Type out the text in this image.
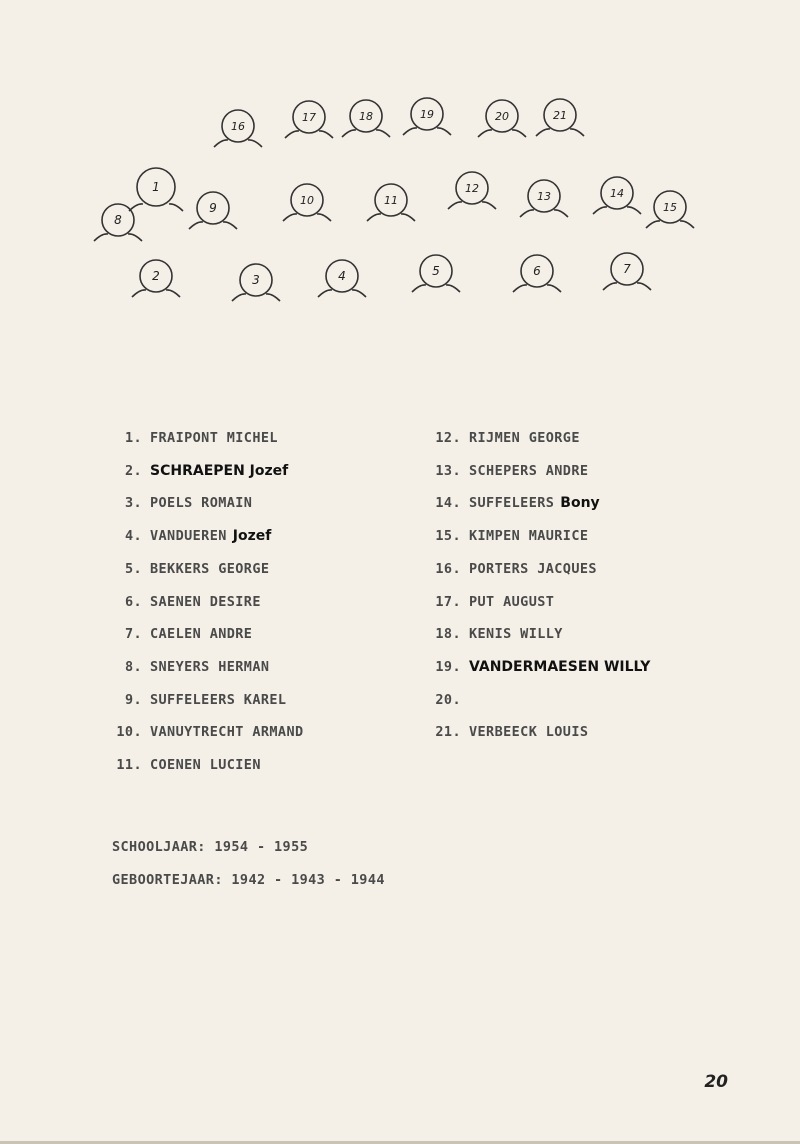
16
17	18	19	20	21
1
8
9
10	11
12
13	14
15
2	3	4	5	6	7
1. FRAIPONT MICHEL
2. SCHRAEPEN Jozef
3. POELS ROMAIN
4. VANDUEREN Jozef
5. BEKKERS GEORGE
6. SAENEN DESIRE
7. CAELEN ANDRE
8. SNEYERS HERMAN
9. SUFFELEERS KAREL
10. VANUYTRECHT ARMAND
11. COENEN LUCIEN
12. RIJMEN GEORGE
13. SCHEPERS ANDRE
14. SUFFELEERS Bony
15. KIMPEN MAURICE
16. PORTERS JACQUES
17. PUT AUGUST
18. KENIS WILLY
19. VANDERMAESEN WILLY
20.
21. VERBEECK LOUIS
SCHOOLJAAR: 1954 - 1955
GEBOORTEJAAR: 1942 - 1943 - 1944
20
